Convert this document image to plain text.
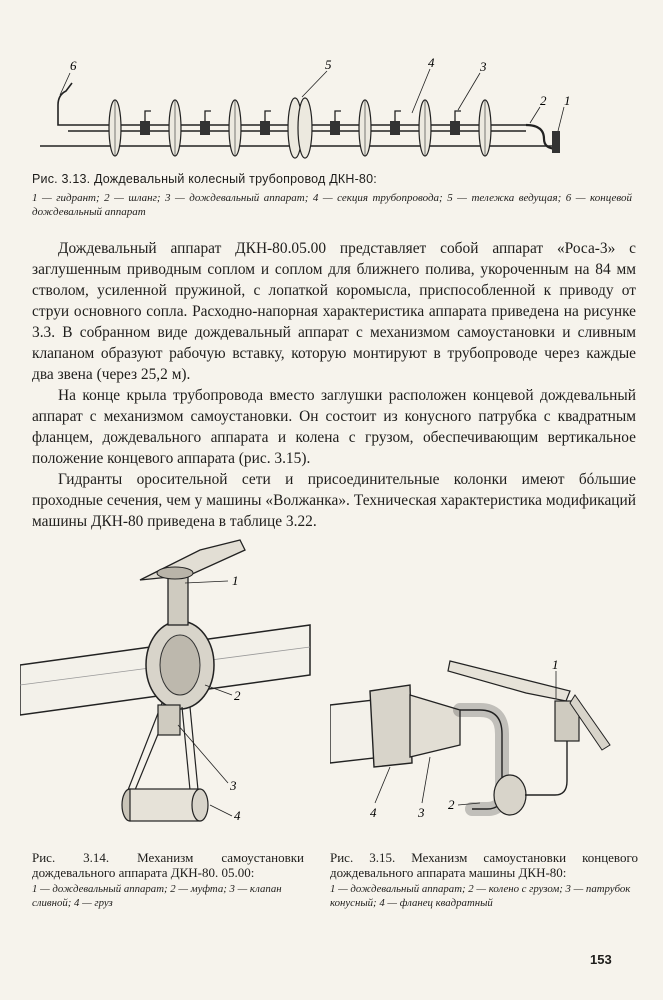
6	5	4	3
2 1
Рис. 3.13. Дождевальный колесный трубопровод ДКН-80:
1 — гидрант; 2 — шланг; 3 — дождевальный аппарат; 4 — секция трубопровода; 5 — тележка ведущая; 6 — концевой дождевальный аппарат

Дождевальный аппарат ДКН-80.05.00 представляет собой аппарат «Роса-3» с заглушенным приводным соплом и соплом для ближнего полива, укороченным на 84 мм стволом, усиленной пружиной, с лопаткой коромысла, приспособленной к приводу от струи основного сопла. Расходно-напорная характеристика аппарата приведена на рисунке 3.3. В собранном виде дождевальный аппарат с механизмом самоустановки и сливным клапаном образуют рабочую вставку, которую монтируют в трубопроводе через каждые два звена (через 25,2 м).

На конце крыла трубопровода вместо заглушки расположен концевой дождевальный аппарат с механизмом самоустановки. Он состоит из конусного патрубка с квадратным фланцем, дождевального аппарата и колена с грузом, обеспечивающим вертикальное положение концевого аппарата (рис. 3.15).

Гидранты оросительной сети и присоединительные колонки имеют бóльшие проходные сечения, чем у машины «Волжанка». Техническая характеристика модификаций машины ДКН-80 приведена в таблице 3.22.

1
2
3
4
1
4	3
2
Рис. 3.14. Механизм самоустановки дождевального аппарата ДКН-80. 05.00:
1 — дождевальный аппарат; 2 — муфта; 3 — клапан сливной; 4 — груз
Рис. 3.15. Механизм самоустановки концевого дождевального аппарата машины ДКН-80:
1 — дождевальный аппарат; 2 — колено с грузом; 3 — патрубок конусный; 4 — фланец квадратный
153
